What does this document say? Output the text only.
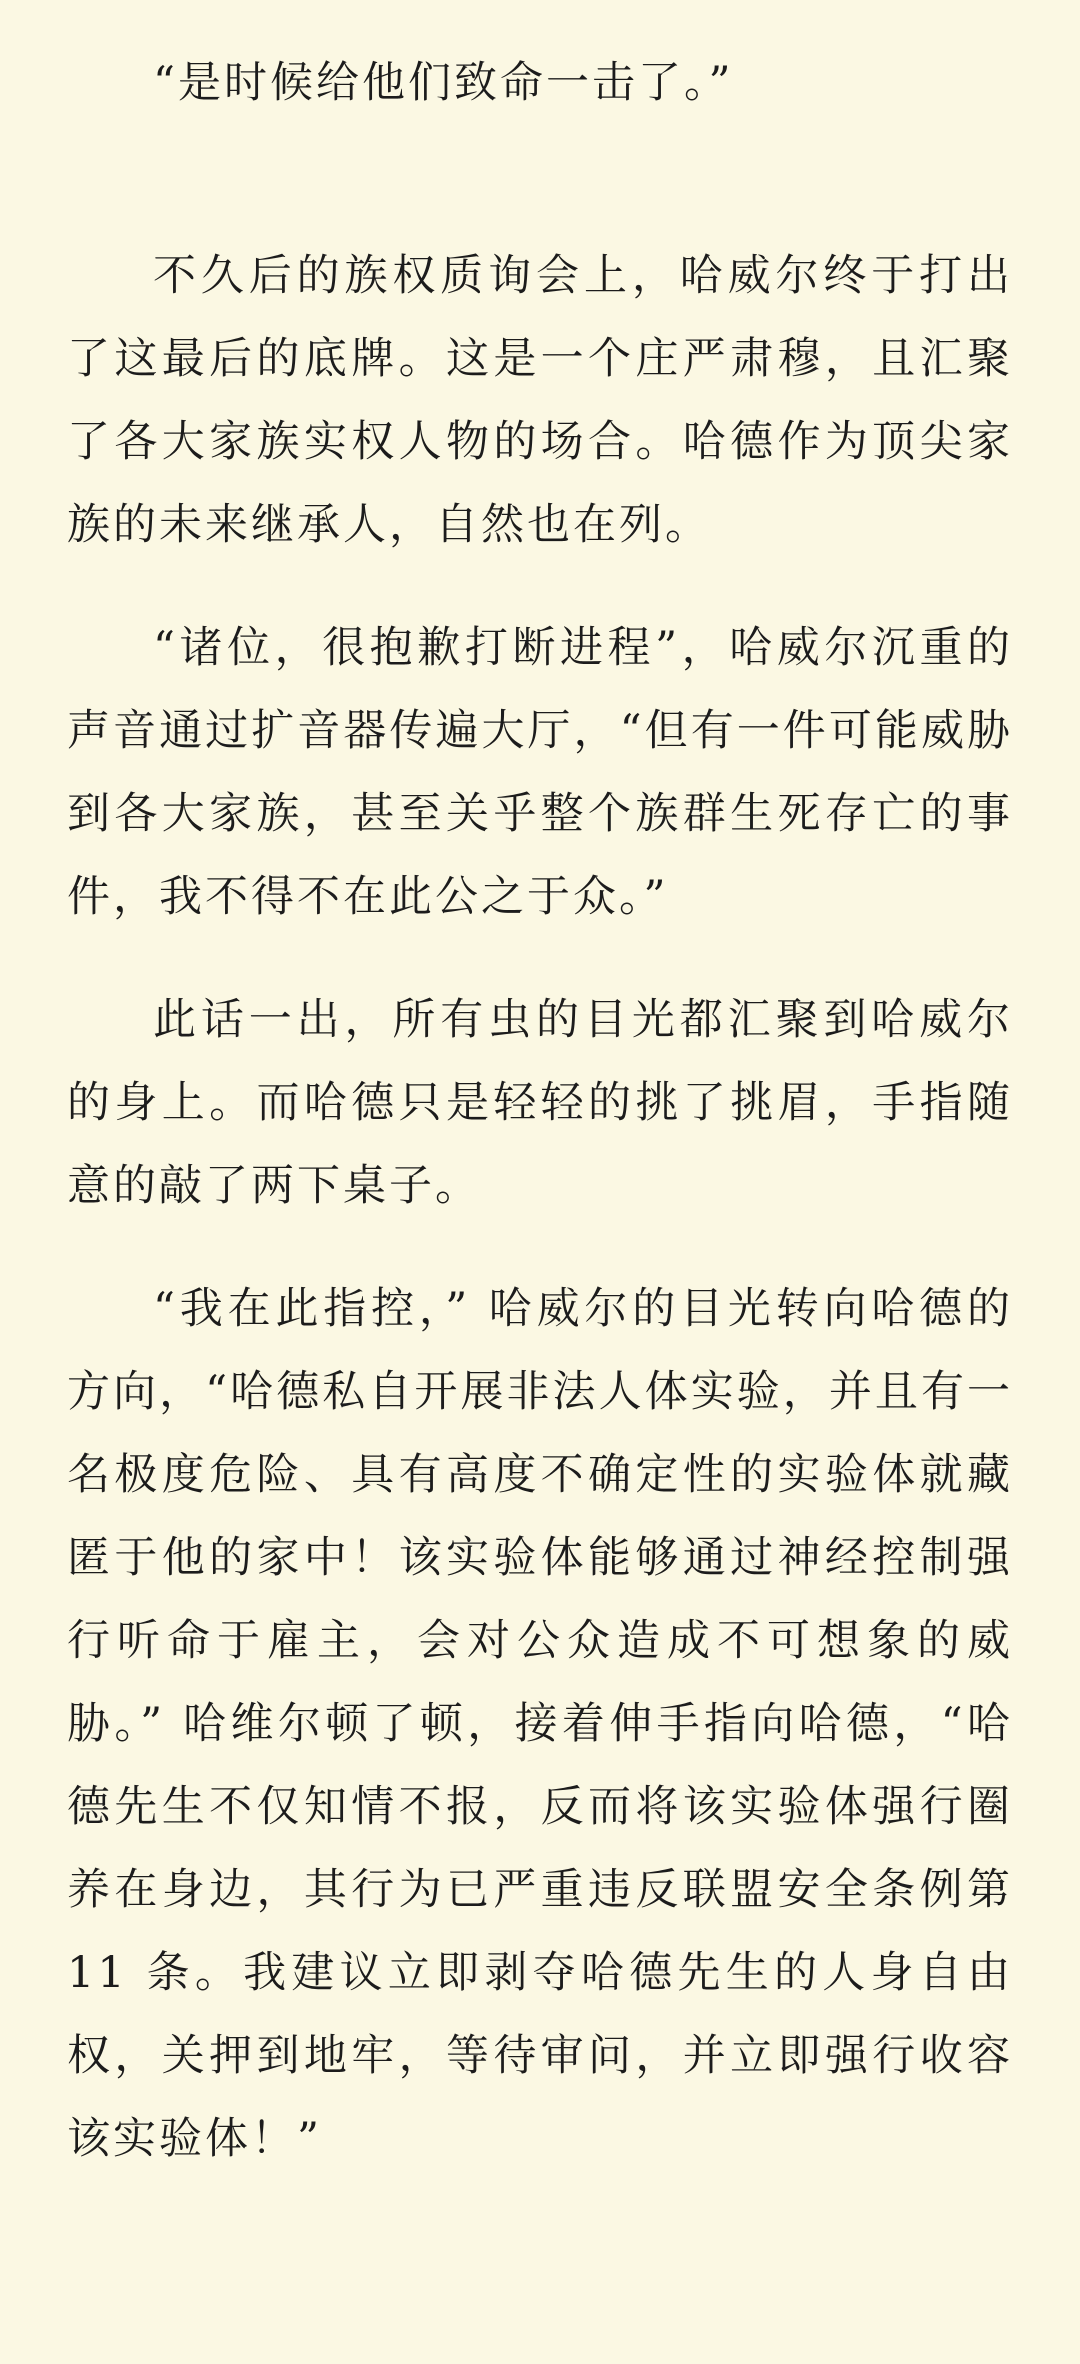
“是时候给他们致命一击了。”

不久后的族权质询会上，哈威尔终于打出了这最后的底牌。这是一个庄严肃穆，且汇聚了各大家族实权人物的场合。哈德作为顶尖家族的未来继承人，自然也在列。

“诸位，很抱歉打断进程”，哈威尔沉重的声音通过扩音器传遍大厅，“但有一件可能威胁到各大家族，甚至关乎整个族群生死存亡的事件，我不得不在此公之于众。”

此话一出，所有虫的目光都汇聚到哈威尔的身上。而哈德只是轻轻的挑了挑眉，手指随意的敲了两下桌子。

“我在此指控，” 哈威尔的目光转向哈德的方向，“哈德私自开展非法人体实验，并且有一名极度危险、具有高度不确定性的实验体就藏匿于他的家中！该实验体能够通过神经控制强行听命于雇主，会对公众造成不可想象的威胁。” 哈维尔顿了顿，接着伸手指向哈德，“哈德先生不仅知情不报，反而将该实验体强行圈养在身边，其行为已严重违反联盟安全条例第 11 条。我建议立即剥夺哈德先生的人身自由权，关押到地牢，等待审问，并立即强行收容该实验体！”
